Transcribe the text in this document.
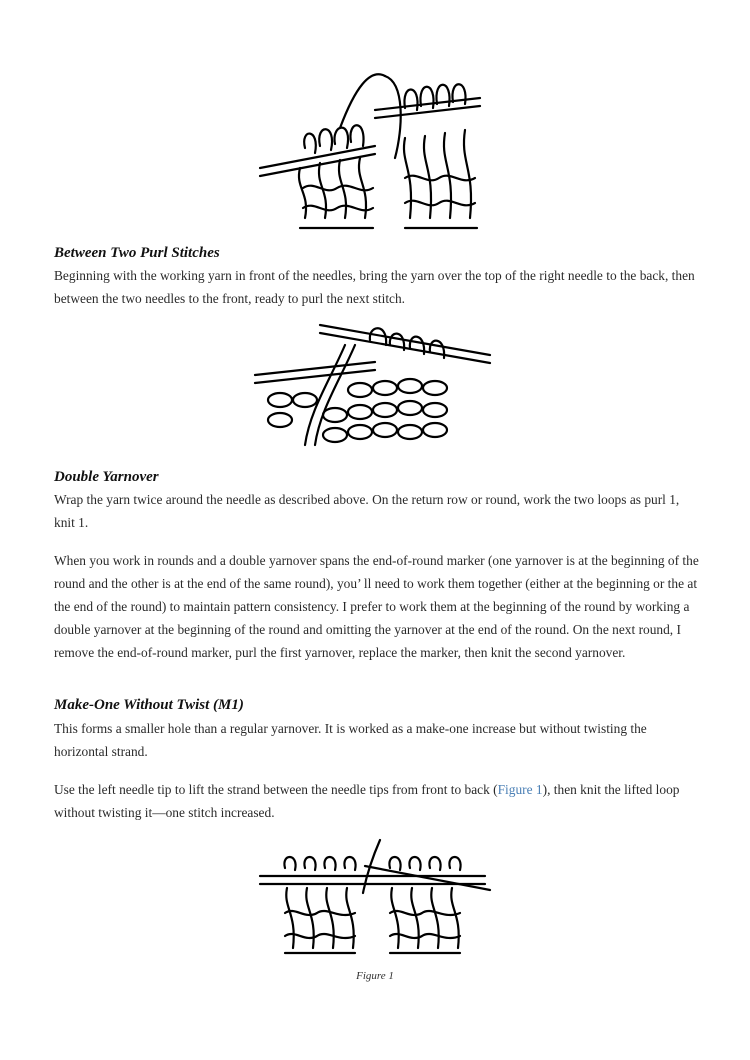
Between Two Purl Stitches

Beginning with the working yarn in front of the needles, bring the yarn over the top of the right needle to the back, then between the two needles to the front, ready to purl the next stitch.

Double Yarnover

Wrap the yarn twice around the needle as described above. On the return row or round, work the two loops as purl 1, knit 1.

When you work in rounds and a double yarnover spans the end-of-round marker (one yarnover is at the beginning of the round and the other is at the end of the same round), you’ ll need to work them together (either at the beginning or the at the end of the round) to maintain pattern consistency. I prefer to work them at the beginning of the round by working a double yarnover at the beginning of the round and omitting the yarnover at the end of the round. On the next round, I remove the end-of-round marker, purl the first yarnover, replace the marker, then knit the second yarnover.

Make-One Without Twist (M1)

This forms a smaller hole than a regular yarnover. It is worked as a make-one increase but without twisting the horizontal strand.

Use the left needle tip to lift the strand between the needle tips from front to back (Figure 1), then knit the lifted loop without twisting it—one stitch increased.

Figure 1
